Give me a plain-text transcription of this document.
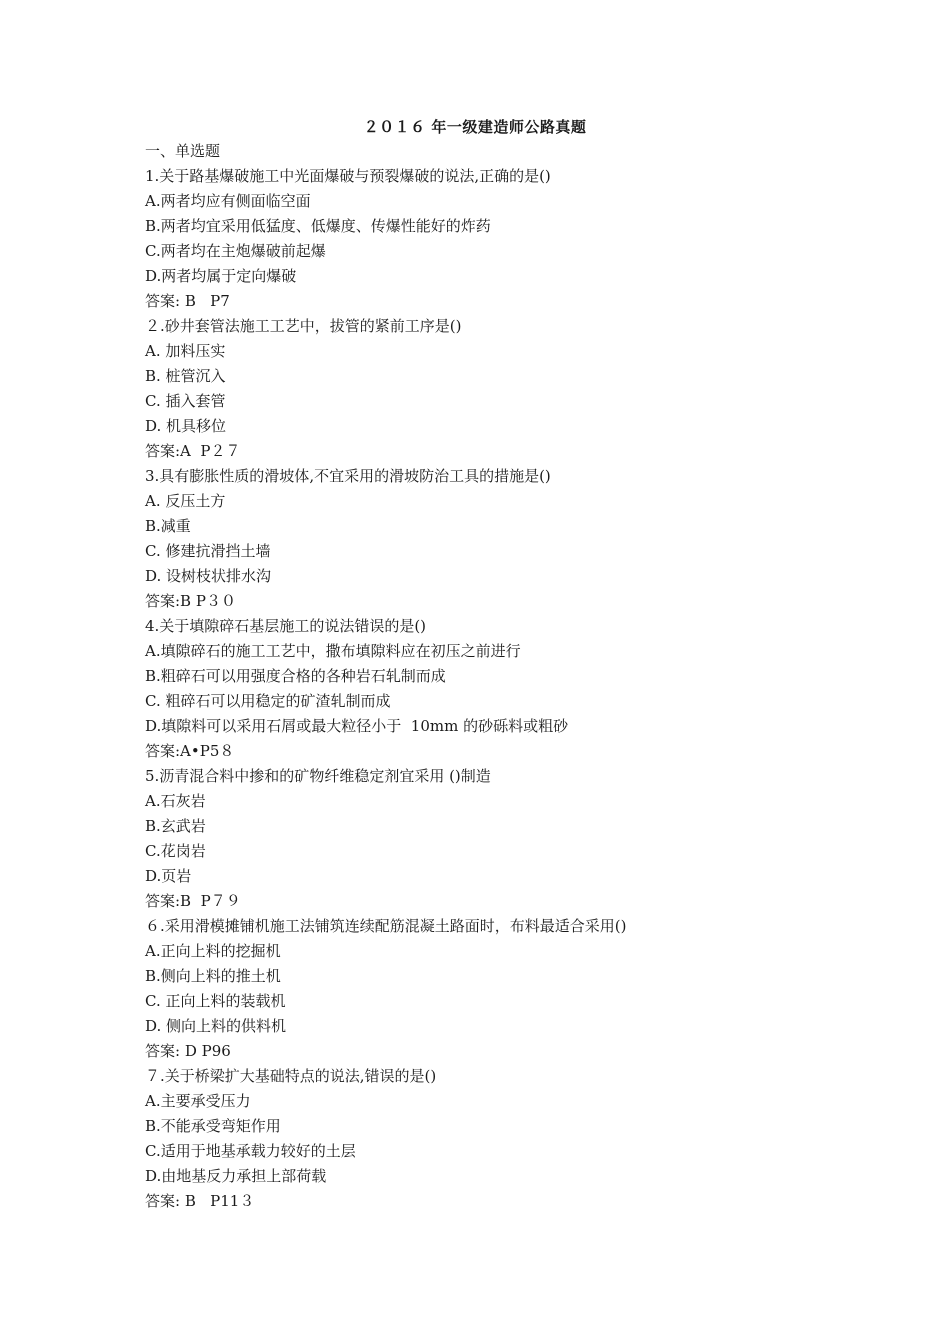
２０１６ 年一级建造师公路真题
一、单选题
1.关于路基爆破施工中光面爆破与预裂爆破的说法,正确的是()
A.两者均应有侧面临空面
B.两者均宜采用低猛度、低爆度、传爆性能好的炸药
C.两者均在主炮爆破前起爆
D.两者均属于定向爆破
答案: B   P7
２.砂井套管法施工工艺中，拔管的紧前工序是()
A. 加料压实
B. 桩管沉入
C. 插入套管
D. 机具移位
答案:A  P２７
3.具有膨胀性质的滑坡体,不宜采用的滑坡防治工具的措施是()
A. 反压土方
B.减重
C. 修建抗滑挡土墙
D. 设树枝状排水沟
答案:B P３０
4.关于填隙碎石基层施工的说法错误的是()
A.填隙碎石的施工工艺中，撒布填隙料应在初压之前进行
B.粗碎石可以用强度合格的各种岩石轧制而成
C. 粗碎石可以用稳定的矿渣轧制而成
D.填隙料可以采用石屑或最大粒径小于  10mm 的砂砾料或粗砂
答案:A•P5８
5.沥青混合料中掺和的矿物纤维稳定剂宜采用 ()制造
A.石灰岩
B.玄武岩
C.花岗岩
D.页岩
答案:B  P７９
６.采用滑模摊铺机施工法铺筑连续配筋混凝土路面时，布料最适合采用()
A.正向上料的挖掘机
B.侧向上料的推土机
C. 正向上料的装载机
D. 侧向上料的供料机
答案: D P96
７.关于桥梁扩大基础特点的说法,错误的是()
A.主要承受压力
B.不能承受弯矩作用
C.适用于地基承载力较好的土层
D.由地基反力承担上部荷载
答案: B   P11３
